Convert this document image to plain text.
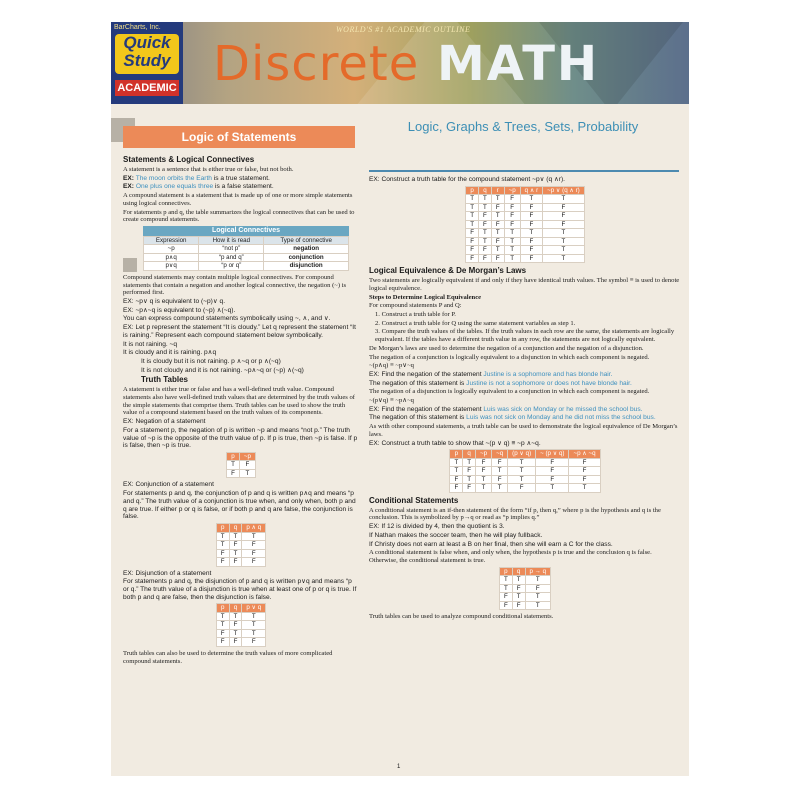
BarCharts, Inc.
Quick
Study
ACADEMIC
WORLD'S #1 ACADEMIC OUTLINE
Discrete MATH
Logic of Statements
Logic, Graphs & Trees, Sets, Probability
Statements & Logical Connectives

A statement is a sentence that is either true or false, but not both.

EX: The moon orbits the Earth is a true statement.

EX: One plus one equals three is a false statement.

A compound statement is a statement that is made up of one or more simple statements using logical connectives.

For statements p and q, the table summarizes the logical connectives that can be used to create compound statements.

Logical Connectives
Expression	How it is read	Type of connective
~p	“not p”	negation
p∧q	“p and q”	conjunction
p∨q	“p or q”	disjunction

Compound statements may contain multiple logical connectives. For compound statements that contain a negation and another logical connective, the negation (~) is performed first.

EX: ~p∨ q is equivalent to (~p)∨ q.

EX: ~p∧~q is equivalent to (~p) ∧(~q).

You can express compound statements symbolically using ~, ∧, and ∨.

EX: Let p represent the statement “It is cloudy.” Let q represent the statement “It is raining.” Represent each compound statement below symbolically.

It is not raining. ~q

It is cloudy and it is raining. p∧q

It is cloudy but it is not raining. p ∧~q or p ∧(~q)

It is not cloudy and it is not raining. ~p∧~q or (~p) ∧(~q)

Truth Tables

A statement is either true or false and has a well-defined truth value. Compound statements also have well-defined truth values that are determined by the truth values of the simple statements that comprise them. Truth tables can be used to show the truth value of a compound statement based on the truth values of its components.

EX: Negation of a statement

For a statement p, the negation of p is written ~p and means “not p.” The truth value of ~p is the opposite of the truth value of p. If p is true, then ~p is false. If p is false, then ~p is true.

p	~p
T	F
F	T

EX: Conjunction of a statement

For statements p and q, the conjunction of p and q is written p∧q and means “p and q.” The truth value of a conjunction is true when, and only when, both p and q are true. If either p or q is false, or if both p and q are false, the conjunction is false.

p	q	p ∧ q
T	T	T
T	F	F
F	T	F
F	F	F

EX: Disjunction of a statement

For statements p and q, the disjunction of p and q is written p∨q and means “p or q.” The truth value of a disjunction is true when at least one of p or q is true. If both p and q are false, then the disjunction is false.

p	q	p ∨ q
T	T	T
T	F	T
F	T	T
F	F	F

Truth tables can also be used to determine the truth values of more complicated compound statements.

EX: Construct a truth table for the compound statement ~p∨ (q ∧r).

p	q	r	~p	q ∧ r	~p ∨ (q ∧ r)
T	T	T	F	T	T
T	T	F	F	F	F
T	F	T	F	F	F
T	F	F	F	F	F
F	T	T	T	T	T
F	T	F	T	F	T
F	F	T	T	F	T
F	F	F	T	F	T
Logical Equivalence & De Morgan’s Laws

Two statements are logically equivalent if and only if they have identical truth values. The symbol ≡ is used to denote logical equivalence.

Steps to Determine Logical Equivalence

For compound statements P and Q:

1. Construct a truth table for P.

2. Construct a truth table for Q using the same statement variables as step 1.

3. Compare the truth values of the tables. If the truth values in each row are the same, the statements are logically equivalent. If the tables have a different truth value in any row, the statements are not logically equivalent.

De Morgan’s laws are used to determine the negation of a conjunction and the negation of a disjunction.

The negation of a conjunction is logically equivalent to a disjunction in which each component is negated.

~(p∧q) ≡ ~p∨~q

EX: Find the negation of the statement Justine is a sophomore and has blonde hair.

The negation of this statement is Justine is not a sophomore or does not have blonde hair.

The negation of a disjunction is logically equivalent to a conjunction in which each component is negated.

~(p∨q) ≡ ~p∧~q

EX: Find the negation of the statement Luis was sick on Monday or he missed the school bus.

The negation of this statement is Luis was not sick on Monday and he did not miss the school bus.

As with other compound statements, a truth table can be used to demonstrate the logical equivalence of De Morgan’s laws.

EX: Construct a truth table to show that ~(p ∨ q) ≡ ~p ∧~q.

p	q	~p	~q	(p ∨ q)	~ (p ∨ q)	~p ∧ ~q
T	T	F	F	T	F	F
T	F	F	T	T	F	F
F	T	T	F	T	F	F
F	F	T	T	F	T	T
Conditional Statements

A conditional statement is an if-then statement of the form “if p, then q,” where p is the hypothesis and q is the conclusion. This is symbolized by p→q or read as “p implies q.”

EX: If 12 is divided by 4, then the quotient is 3.

If Nathan makes the soccer team, then he will play fullback.

If Christy does not earn at least a B on her final, then she will earn a C for the class.

A conditional statement is false when, and only when, the hypothesis p is true and the conclusion q is false. Otherwise, the conditional statement is true.

p	q	p → q
T	T	T
T	F	F
F	T	T
F	F	T

Truth tables can be used to analyze compound conditional statements.

1
